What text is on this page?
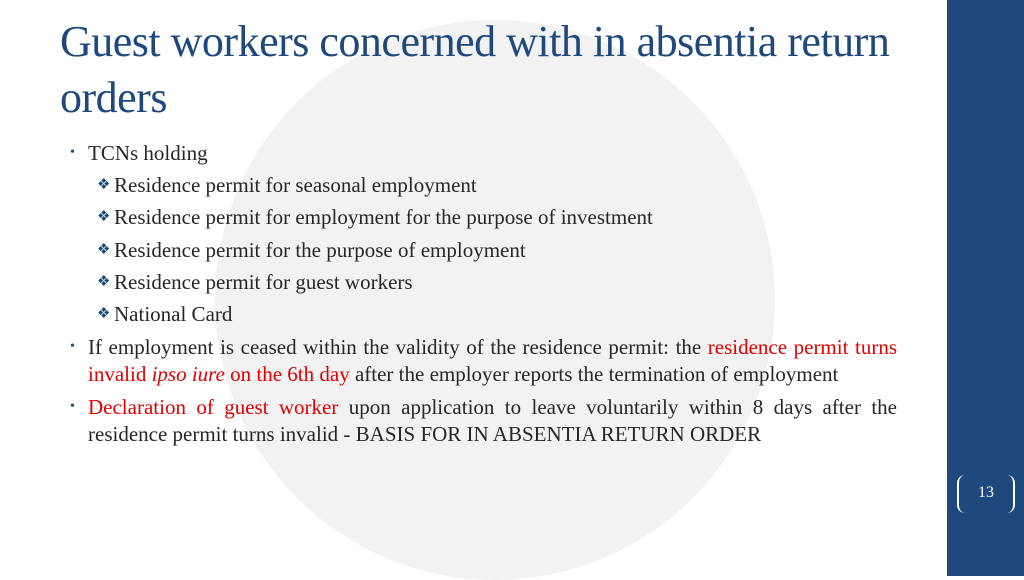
13
Guest workers concerned with in absentia return orders
• TCNs holding
❖ Residence permit for seasonal employment
❖ Residence permit for employment for the purpose of investment
❖ Residence permit for the purpose of employment
❖ Residence permit for guest workers
❖ National Card
• If employment is ceased within the validity of the residence permit: the residence permit turns invalid ipso iure on the 6th day after the employer reports the termination of employment
• Declaration of guest worker upon application to leave voluntarily within 8 days after the residence permit turns invalid - BASIS FOR IN ABSENTIA RETURN ORDER
